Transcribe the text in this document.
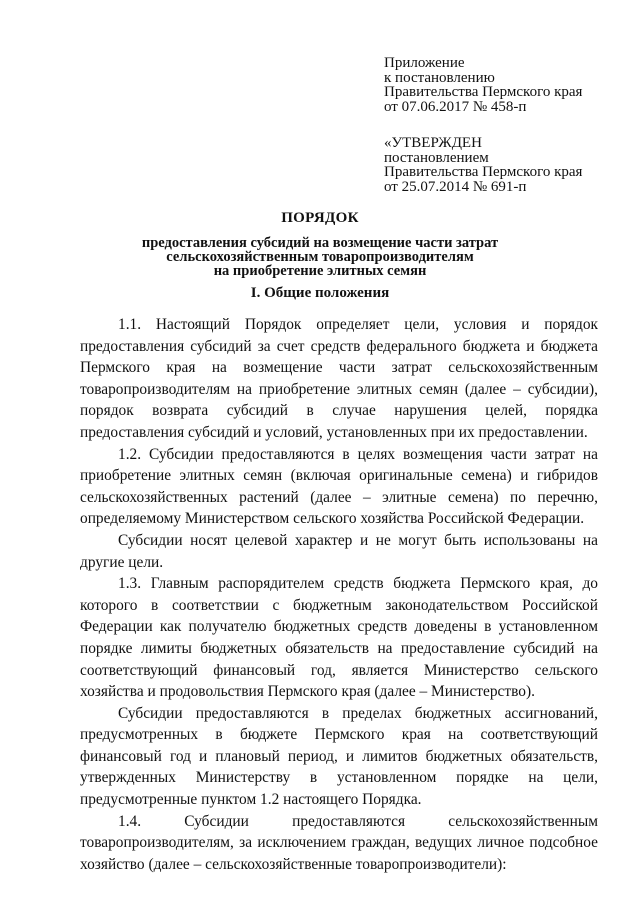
Приложение
к постановлению
Правительства Пермского края
от 07.06.2017 № 458-п
«УТВЕРЖДЕН
постановлением
Правительства Пермского края
от 25.07.2014 № 691-п
ПОРЯДОК
предоставления субсидий на возмещение части затрат
сельскохозяйственным товаропроизводителям
на приобретение элитных семян
I. Общие положения

1.1. Настоящий Порядок определяет цели, условия и порядок предоставления субсидий за счет средств федерального бюджета и бюджета Пермского края на возмещение части затрат сельскохозяйственным товаропроизводителям на приобретение элитных семян (далее – субсидии), порядок возврата субсидий в случае нарушения целей, порядка предоставления субсидий и условий, установленных при их предоставлении.

1.2. Субсидии предоставляются в целях возмещения части затрат на приобретение элитных семян (включая оригинальные семена) и гибридов сельскохозяйственных растений (далее – элитные семена) по перечню, определяемому Министерством сельского хозяйства Российской Федерации.

Субсидии носят целевой характер и не могут быть использованы на другие цели.

1.3. Главным распорядителем средств бюджета Пермского края, до которого в соответствии с бюджетным законодательством Российской Федерации как получателю бюджетных средств доведены в установленном порядке лимиты бюджетных обязательств на предоставление субсидий на соответствующий финансовый год, является Министерство сельского хозяйства и продовольствия Пермского края (далее – Министерство).

Субсидии предоставляются в пределах бюджетных ассигнований, предусмотренных в бюджете Пермского края на соответствующий финансовый год и плановый период, и лимитов бюджетных обязательств, утвержденных Министерству в установленном порядке на цели, предусмотренные пунктом 1.2 настоящего Порядка.

1.4. Субсидии предоставляются сельскохозяйственным товаропроизводителям, за исключением граждан, ведущих личное подсобное хозяйство (далее – сельскохозяйственные товаропроизводители):
